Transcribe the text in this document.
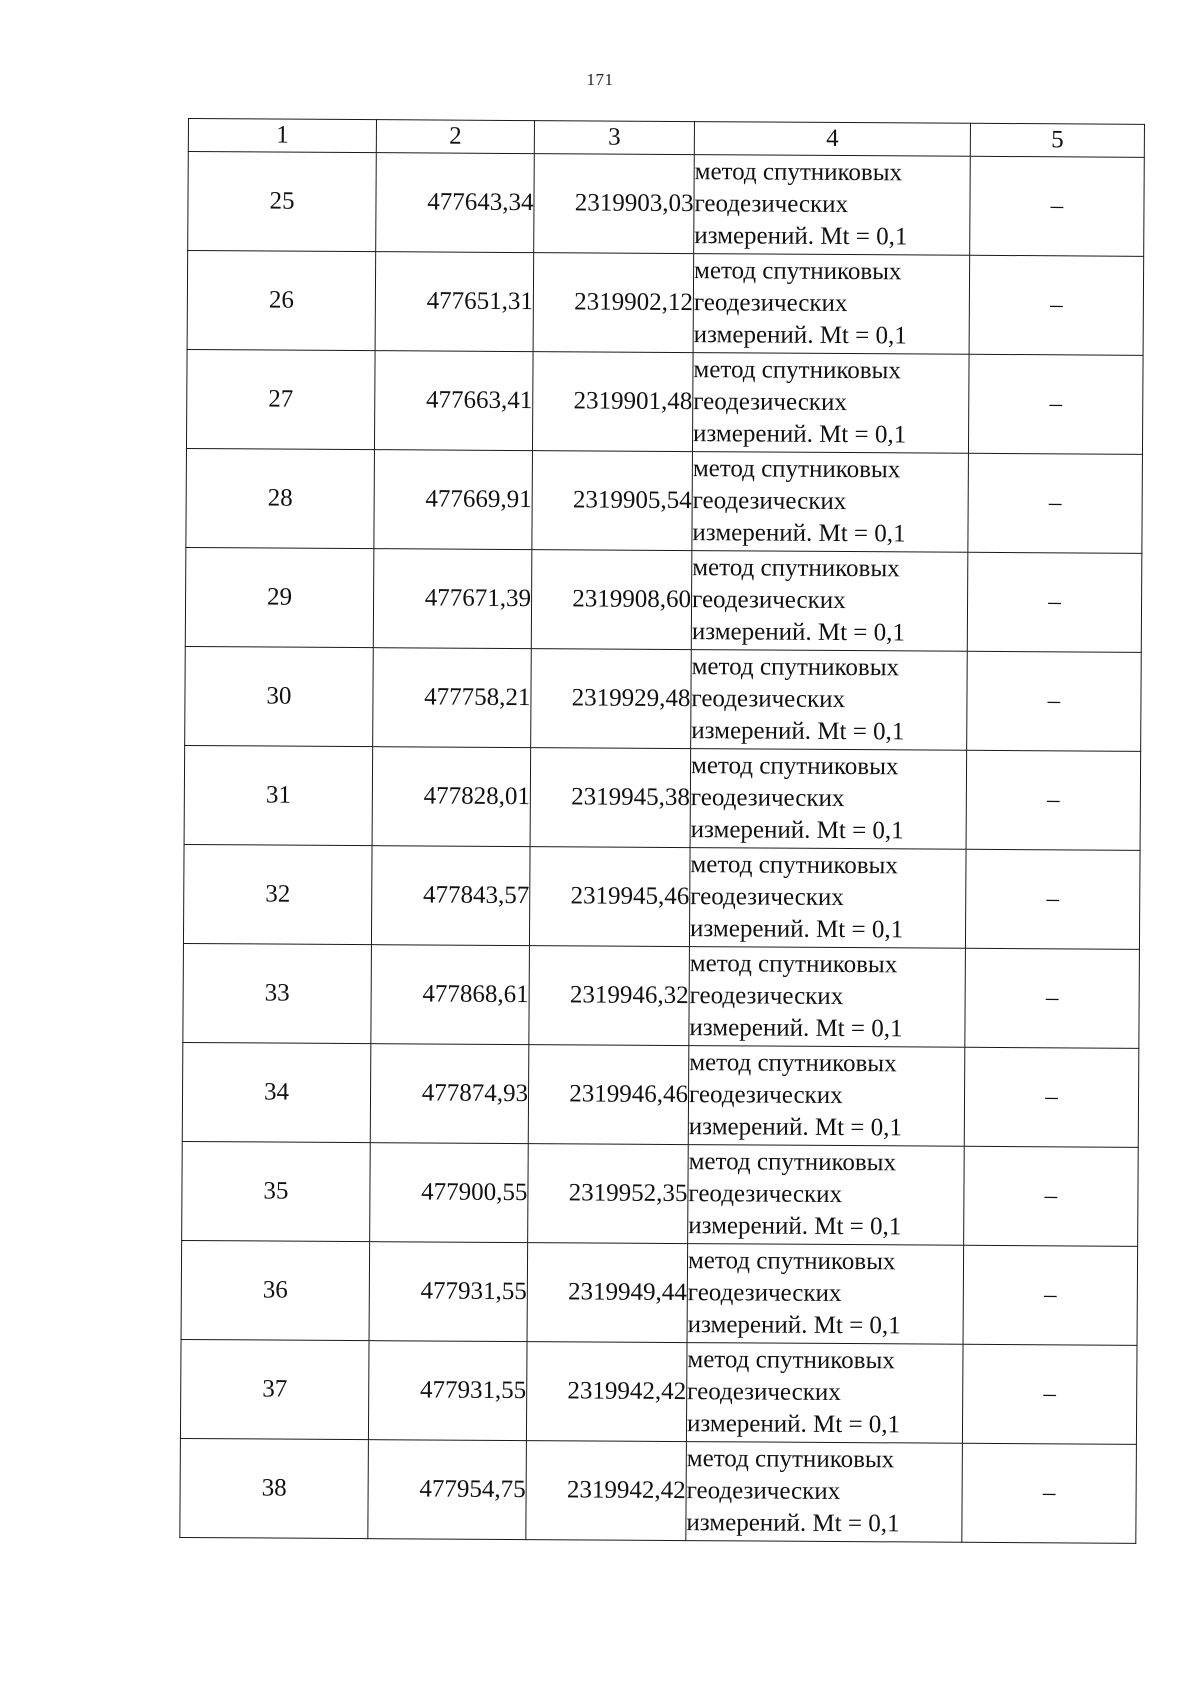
171
1	2	3	4	5
25	477643,34	2319903,03	метод спутниковых
геодезических
измерений. Mt = 0,1	–
26	477651,31	2319902,12	метод спутниковых
геодезических
измерений. Mt = 0,1	–
27	477663,41	2319901,48	метод спутниковых
геодезических
измерений. Mt = 0,1	–
28	477669,91	2319905,54	метод спутниковых
геодезических
измерений. Mt = 0,1	–
29	477671,39	2319908,60	метод спутниковых
геодезических
измерений. Mt = 0,1	–
30	477758,21	2319929,48	метод спутниковых
геодезических
измерений. Mt = 0,1	–
31	477828,01	2319945,38	метод спутниковых
геодезических
измерений. Mt = 0,1	–
32	477843,57	2319945,46	метод спутниковых
геодезических
измерений. Mt = 0,1	–
33	477868,61	2319946,32	метод спутниковых
геодезических
измерений. Mt = 0,1	–
34	477874,93	2319946,46	метод спутниковых
геодезических
измерений. Mt = 0,1	–
35	477900,55	2319952,35	метод спутниковых
геодезических
измерений. Mt = 0,1	–
36	477931,55	2319949,44	метод спутниковых
геодезических
измерений. Mt = 0,1	–
37	477931,55	2319942,42	метод спутниковых
геодезических
измерений. Mt = 0,1	–
38	477954,75	2319942,42	метод спутниковых
геодезических
измерений. Mt = 0,1	–
